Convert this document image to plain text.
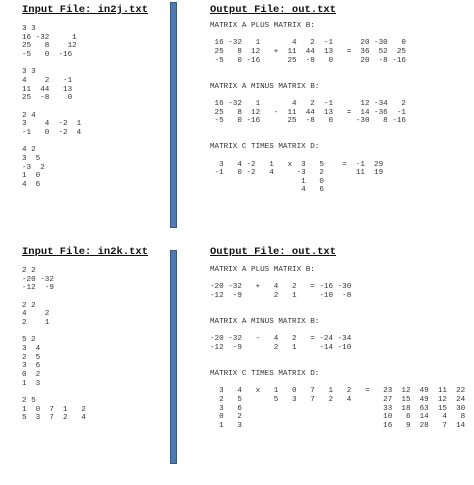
Input File: in2j.txt
3 3
16 -32     1
25   8    12
-5   0  -16

3 3
4    2   -1
11  44   13
25  -8    0

2 4
3    4  -2  1
-1   0  -2  4

4 2
3  5
-3  2
1  0
4  6
Output File: out.txt
MATRIX A PLUS MATRIX B:

16 -32   1       4   2  -1      20 -30   0
25   8  12   +  11  44  13   =  36  52  25
-5   0 -16      25  -8   0      20  -8 -16

MATRIX A MINUS MATRIX B:

16 -32   1       4   2  -1      12 -34   2
25   8  12   -  11  44  13   =  14 -36  -1
-5   0 -16      25  -8   0     -30   8 -16

MATRIX C TIMES MATRIX D:

3   4 -2   1   x  3   5    =  -1  29
-1   0 -2   4     -3   2       11  19
1   0
4   6
Input File: in2k.txt
2 2
-20 -32
-12  -9

2 2
4    2
2    1

5 2
3  4
2  5
3  6
0  2
1  3

2 5
1  0  7  1   2
5  3  7  2   4
Output File: out.txt
MATRIX A PLUS MATRIX B:

-20 -32   +   4   2   = -16 -30
-12  -9       2   1     -10  -8

MATRIX A MINUS MATRIX B:

-20 -32   -   4   2   = -24 -34
-12  -9       2   1     -14 -10

MATRIX C TIMES MATRIX D:

3   4   x   1   0   7   1   2   =   23  12  49  11  22
2   5       5   3   7   2   4       27  15  49  12  24
3   6                               33  18  63  15  30
0   2                               10   6  14   4   8
1   3                               16   9  28   7  14
